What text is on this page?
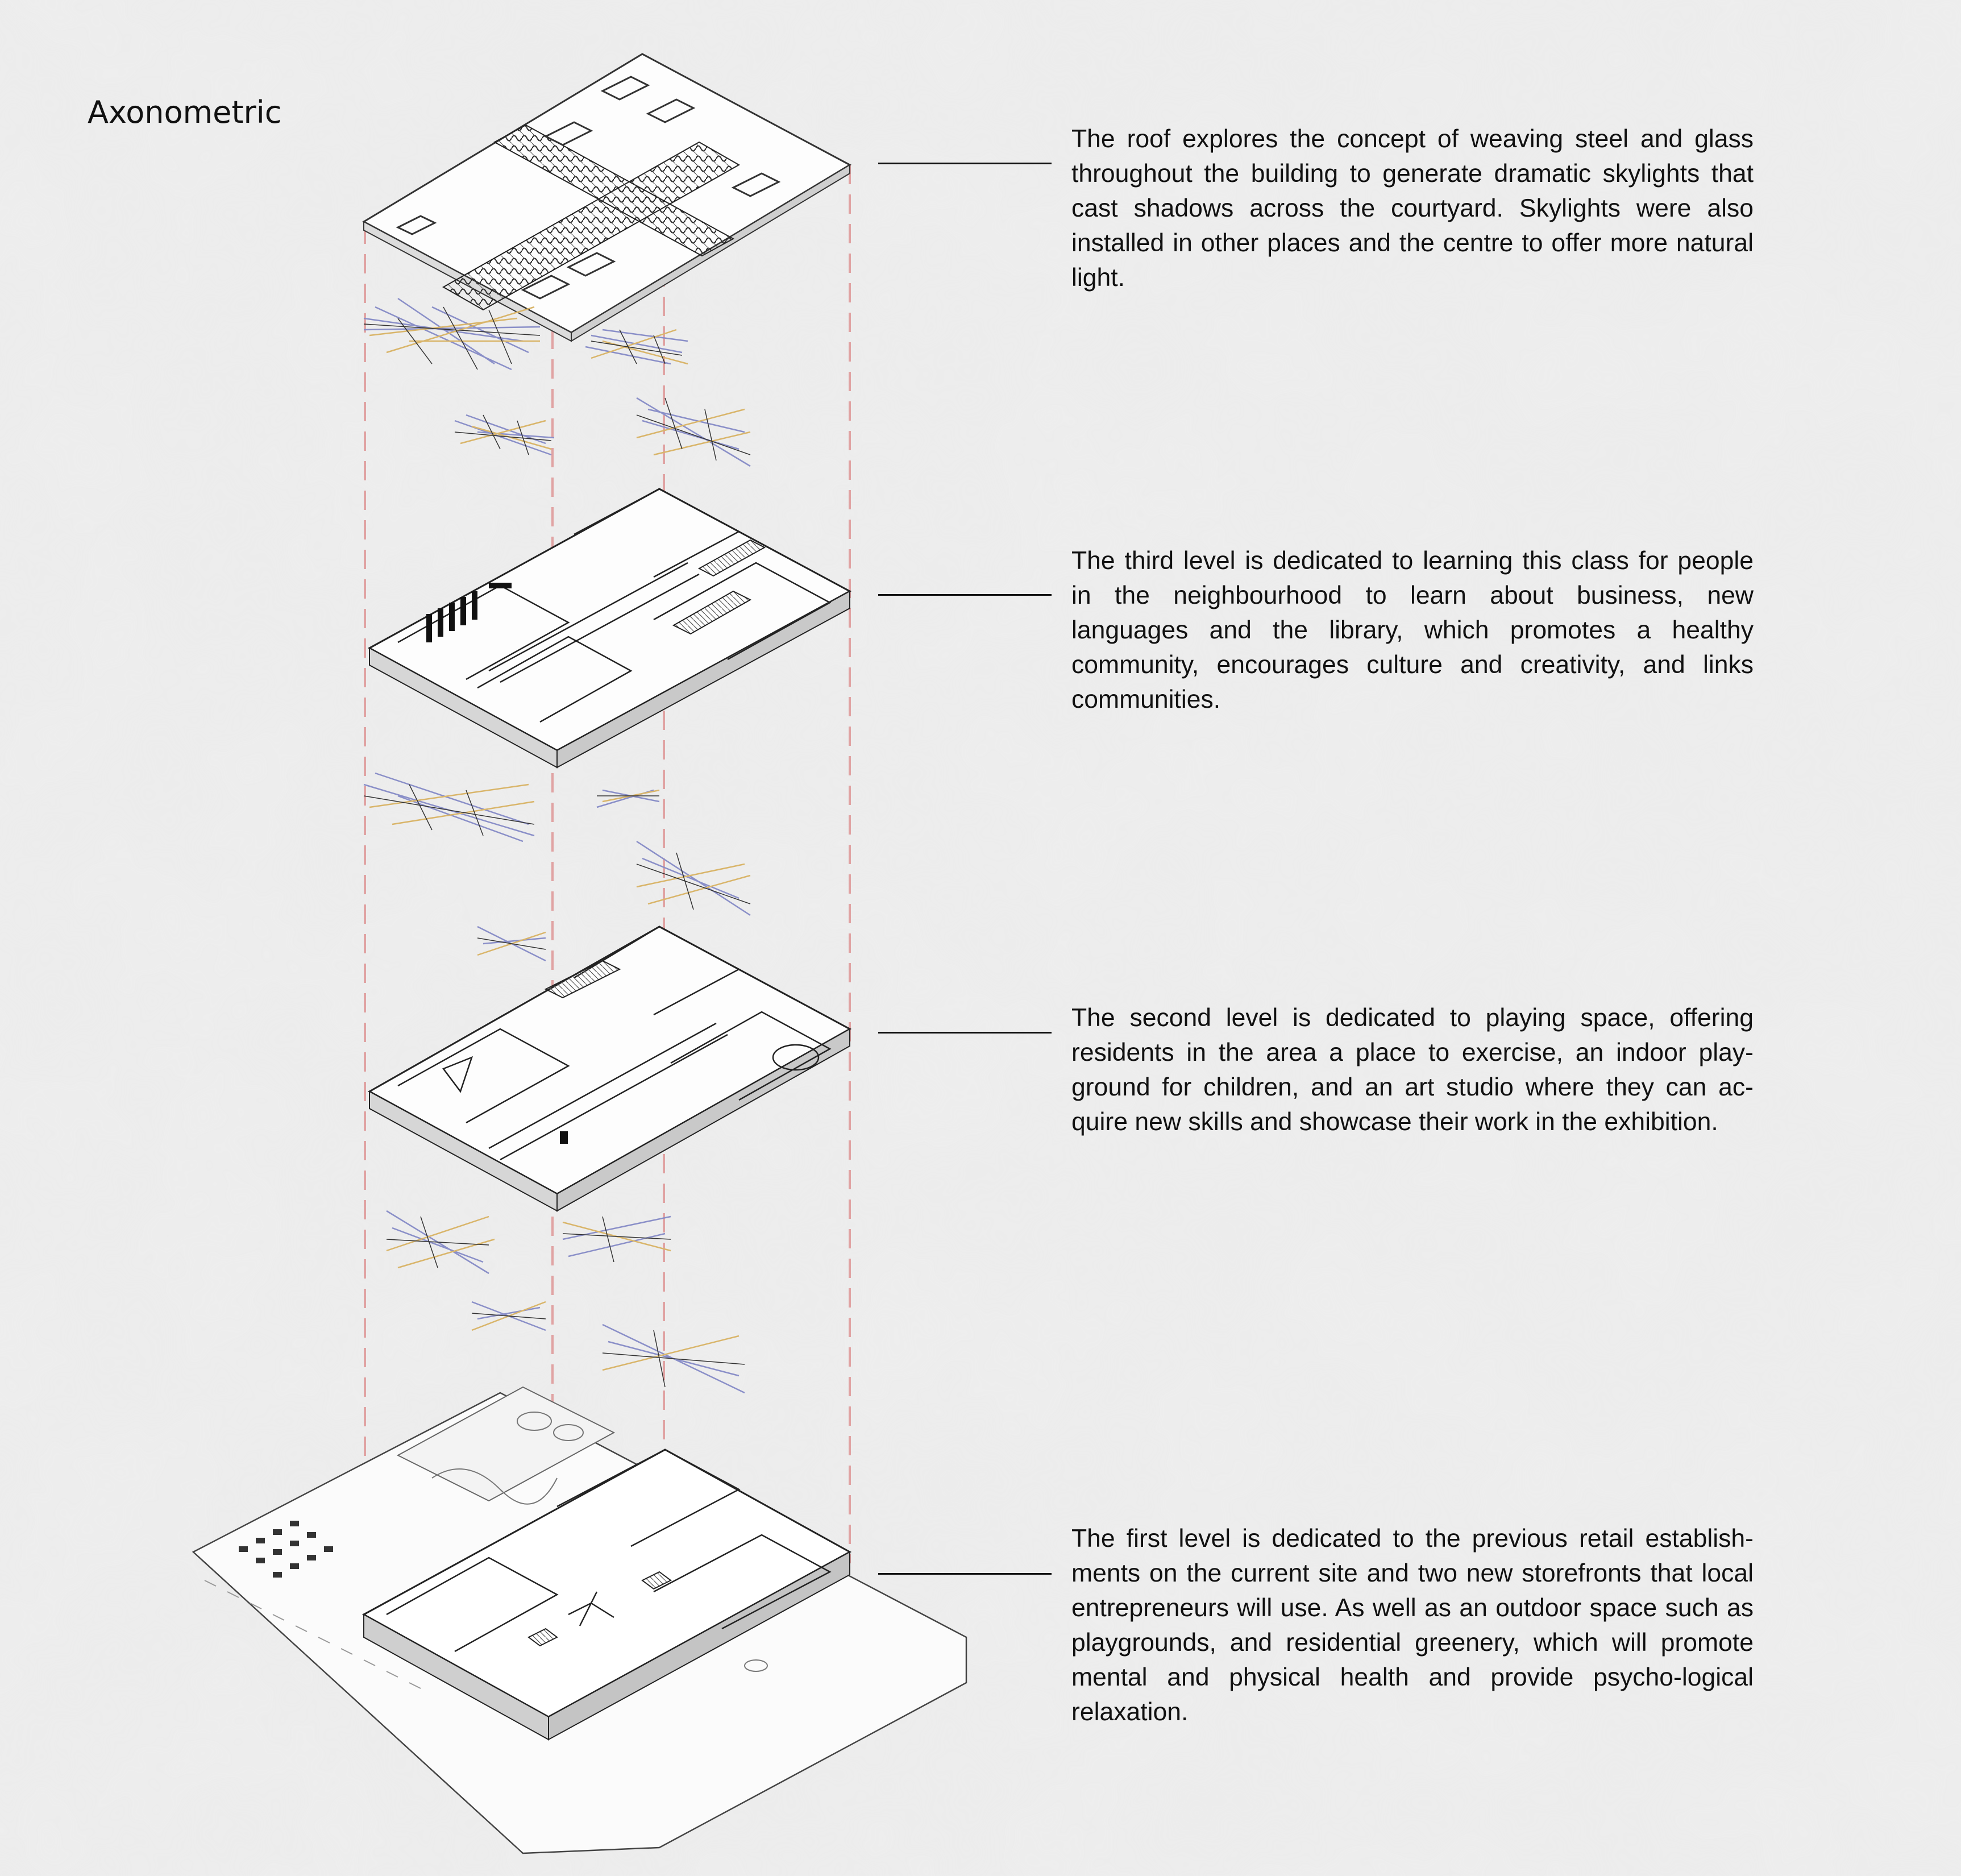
Axonometric

The roof explores the concept of weaving steel and glass throughout the building to generate dramatic skylights that cast shadows across the courtyard. Skylights were also installed in other places and the centre to offer more natural light.

The third level is dedicated to learning this class for people in the neighbourhood to learn about business, new languages and the library, which promotes a healthy community, encourages culture and creativity, and links communities.

The second level is dedicated to playing space, offering residents in the area a place to exercise, an indoor play-ground for children, and an art studio where they can ac-quire new skills and showcase their work in the exhibition.

The first level is dedicated to the previous retail establish-ments on the current site and two new storefronts that local entrepreneurs will use. As well as an outdoor space such as playgrounds, and residential greenery, which will promote mental and physical health and provide psycho-logical relaxation.
